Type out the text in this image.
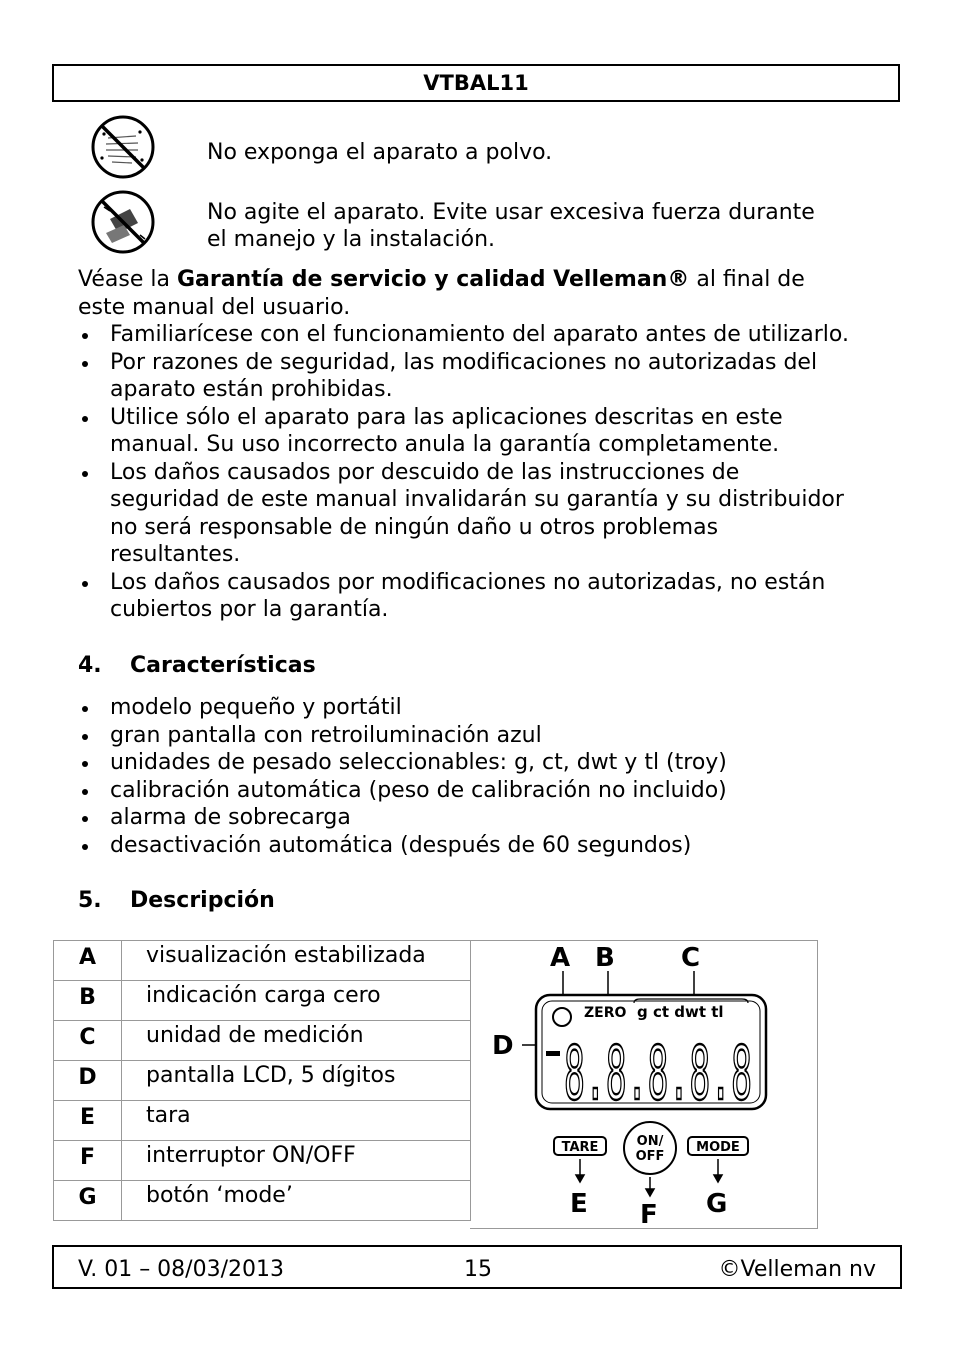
VTBAL11
No exponga el aparato a polvo.
No agite el aparato. Evite usar excesiva fuerza durante
el manejo y la instalación.
Véase la Garantía de servicio y calidad Velleman® al final de
este manual del usuario.
Familiarícese con el funcionamiento del aparato antes de utilizarlo.
Por razones de seguridad, las modificaciones no autorizadas del
aparato están prohibidas.
Utilice sólo el aparato para las aplicaciones descritas en este
manual. Su uso incorrecto anula la garantía completamente.
Los daños causados por descuido de las instrucciones de
seguridad de este manual invalidarán su garantía y su distribuidor
no será responsable de ningún daño u otros problemas
resultantes.
Los daños causados por modificaciones no autorizadas, no están
cubiertos por la garantía.
4. Características
modelo pequeño y portátil
gran pantalla con retroiluminación azul
unidades de pesado seleccionables: g, ct, dwt y tl (troy)
calibración automática (peso de calibración no incluido)
alarma de sobrecarga
desactivación automática (después de 60 segundos)
5. Descripción
A	visualización estabilizada
B	indicación carga cero
C	unidad de medición
D	pantalla LCD, 5 dígitos
E	tara
F	interruptor ON/OFF
G	botón ‘mode’
A B	C
D
ZERO g ct dwt tl
8.8.8.8.8
TARE	ON/
OFF
MODE
E F G
V. 01 – 08/03/2013	15	©Velleman nv
